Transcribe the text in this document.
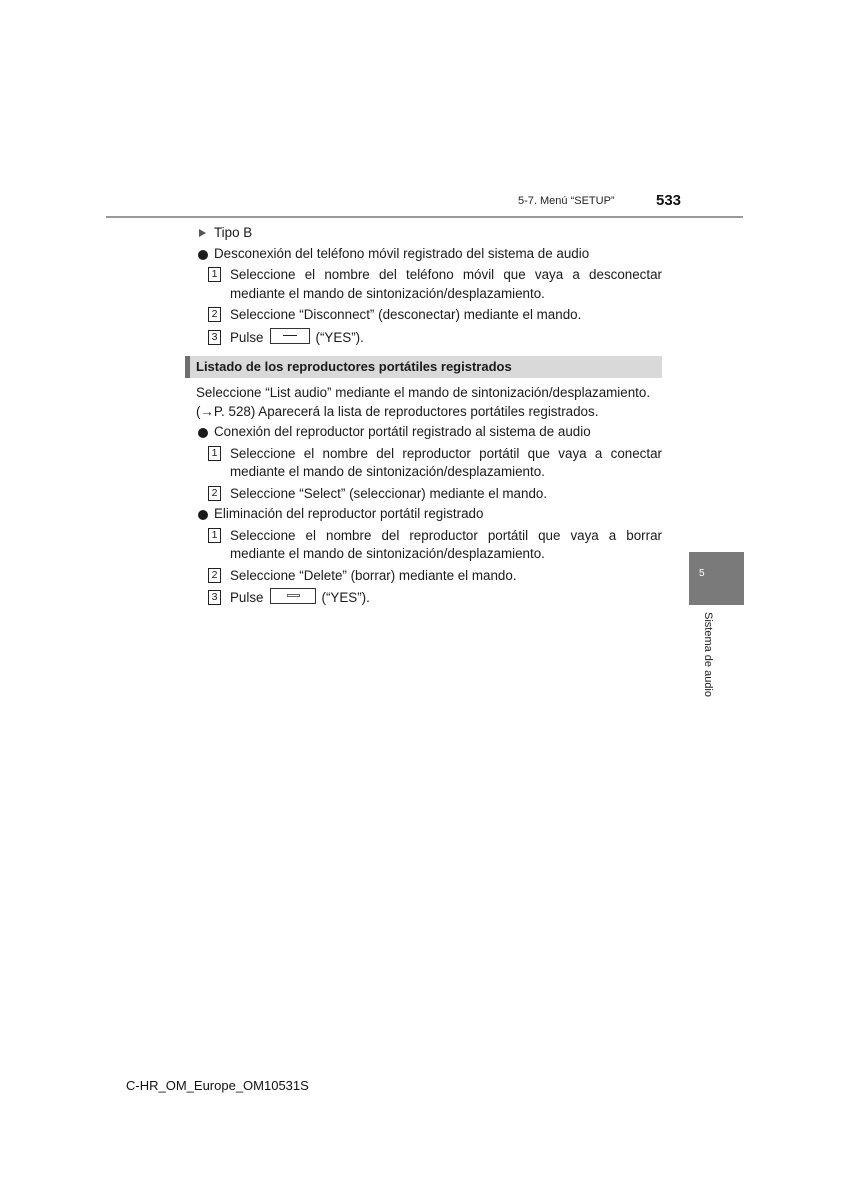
5-7. Menú “SETUP”	533
Tipo B
Desconexión del teléfono móvil registrado del sistema de audio
1 Seleccione el nombre del teléfono móvil que vaya a desconectar mediante el mando de sintonización/desplazamiento.
2 Seleccione “Disconnect” (desconectar) mediante el mando.
3 Pulse	(“YES”).
Listado de los reproductores portátiles registrados
Seleccione “List audio” mediante el mando de sintonización/desplazamiento.
(→P. 528) Aparecerá la lista de reproductores portátiles registrados.
Conexión del reproductor portátil registrado al sistema de audio
1 Seleccione el nombre del reproductor portátil que vaya a conectar mediante el mando de sintonización/desplazamiento.
2 Seleccione “Select” (seleccionar) mediante el mando.
Eliminación del reproductor portátil registrado
1 Seleccione el nombre del reproductor portátil que vaya a borrar mediante el mando de sintonización/desplazamiento.
2 Seleccione “Delete” (borrar) mediante el mando.
3 Pulse	(“YES”).
5
Sistema de audio
C-HR_OM_Europe_OM10531S
